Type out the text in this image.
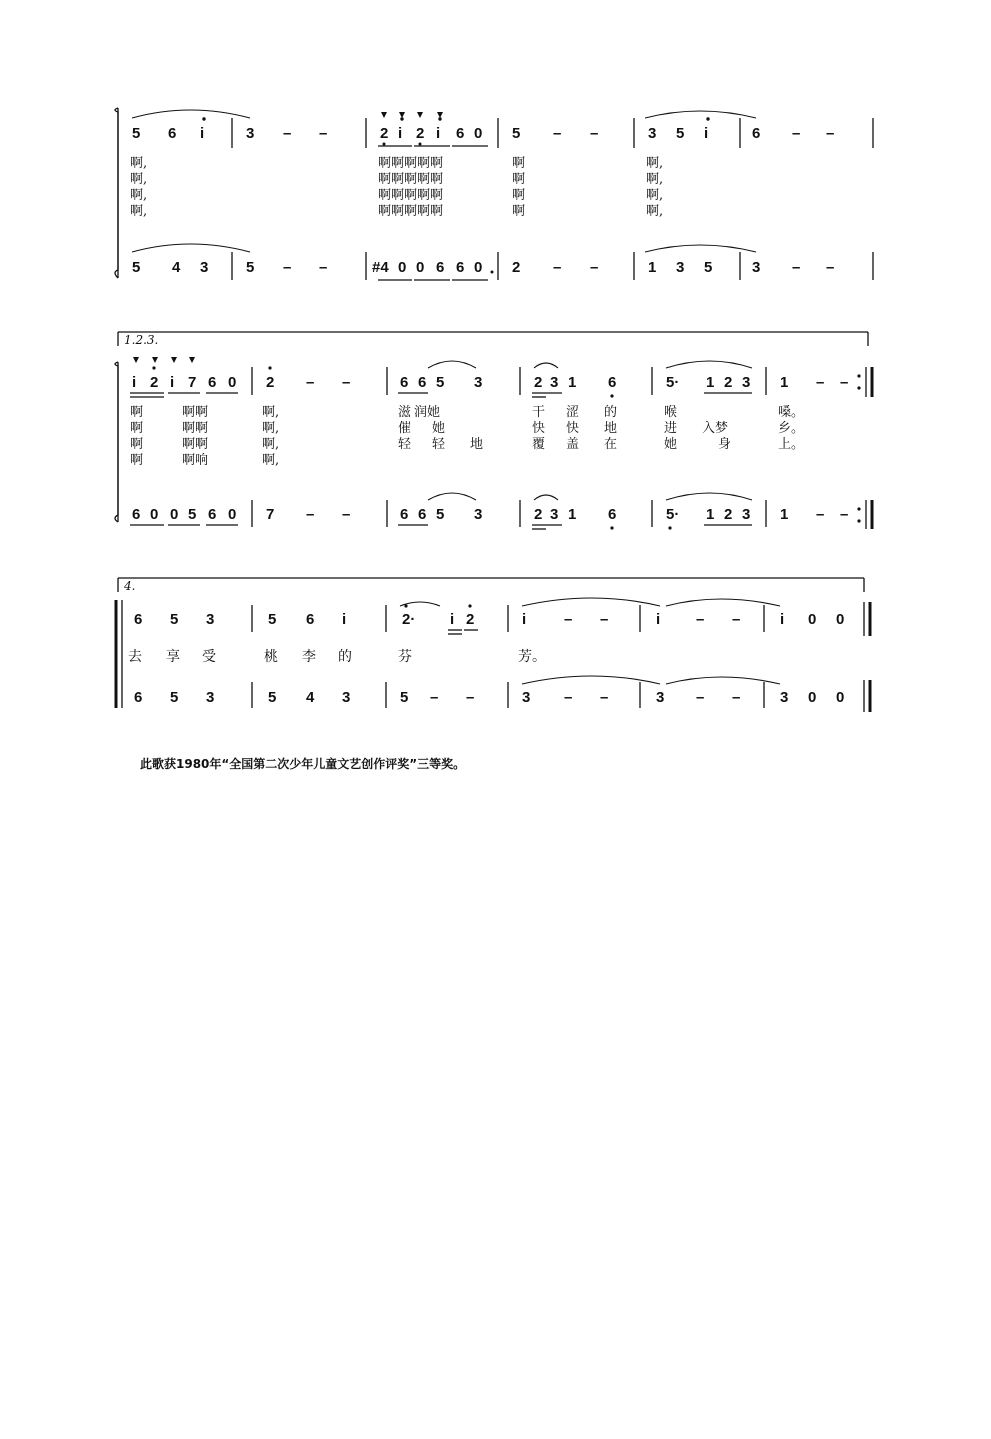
5 6 i	3 – –	2 i 2 i 6 0 5 – –	3 5 i	6 – –
5 4 3	5 – –	#4 0 0 6 6 0 2 – –	1 3 5	3 – –
啊,	啊啊啊啊啊	啊	啊,
啊,	啊啊啊啊啊	啊	啊,
啊,	啊啊啊啊啊	啊	啊,
啊,	啊啊啊啊啊	啊	啊,
1.2.3.
i 2 i 7 6 0 2 – –	6 6 5 3	2 3 1 6	5· 1 2 3 1 – –
6 0 0 5 6 0 7 – –	6 6 5 3	2 3 1 6	5· 1 2 3 1 – –
啊	啊啊	啊,	滋 润她	干 涩 的	喉	嗓。
啊	啊啊	啊,	催 她	快 快 地	进 入梦	乡。
啊	啊啊	啊,	轻 轻 地	覆 盖 在	她	身	上。
啊	啊响	啊,
4.
6 5 3	5 6 i	2· i 2	i	– –	i – –	i 0 0
6 5 3	5 4 3	5 – –	3 – –	3 – –	3 0 0
去 享 受	桃 李 的	芬	芳。
此歌获1980年“全国第二次少年儿童文艺创作评奖”三等奖。
